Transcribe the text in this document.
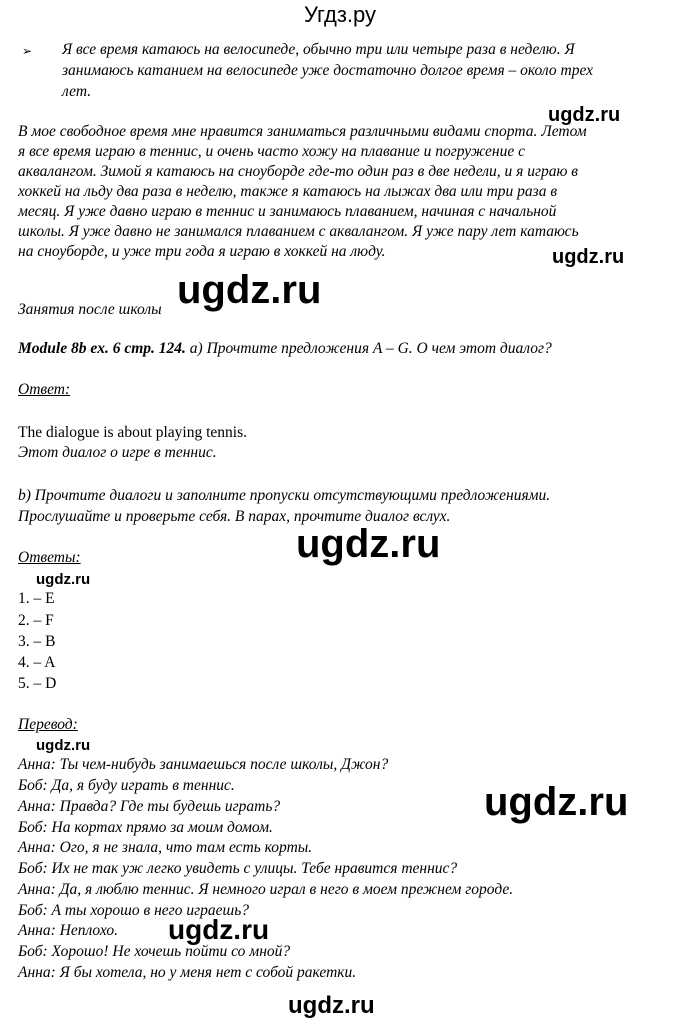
Угдз.ру
➢ Я все время катаюсь на велосипеде, обычно три или четыре раза в неделю. Я
занимаюсь катанием на велосипеде уже достаточно долгое время – около трех
лет.
ugdz.ru
В мое свободное время мне нравится заниматься различными видами спорта. Летом
я все время играю в теннис, и очень часто хожу на плавание и погружение с
аквалангом. Зимой я катаюсь на сноуборде где-то один раз в две недели, и я играю в
хоккей на льду два раза в неделю, также я катаюсь на лыжах два или три раза в
месяц. Я уже давно играю в теннис и занимаюсь плаванием, начиная с начальной
школы. Я уже давно не занимался плаванием с аквалангом. Я уже пару лет катаюсь
на сноуборде, и уже три года я играю в хоккей на люду.	ugdz.ru
ugdz.ru
Занятия после школы
Module 8b ex. 6 стр. 124. а) Прочтите предложения A – G. О чем этот диалог?
Ответ:
The dialogue is about playing tennis.
Этот диалог о игре в теннис.
b) Прочтите диалоги и заполните пропуски отсутствующими предложениями.
Прослушайте и проверьте себя. В парах, прочтите диалог вслух.
ugdz.ru
Ответы:
ugdz.ru
1. – E
2. – F
3. – B
4. – A
5. – D
Перевод:
ugdz.ru
Анна: Ты чем-нибудь занимаешься после школы, Джон?
Боб: Да, я буду играть в теннис.
Анна: Правда? Где ты будешь играть?
Боб: На кортах прямо за моим домом.
Анна: Ого, я не знала, что там есть корты.
Боб: Их не так уж легко увидеть с улицы. Тебе нравится теннис?
Анна: Да, я люблю теннис. Я немного играл в него в моем прежнем городе.
Боб: А ты хорошо в него играешь?
Анна: Неплохо.
Боб: Хорошо! Не хочешь пойти со мной?
Анна: Я бы хотела, но у меня нет с собой ракетки.
ugdz.ru
ugdz.ru
ugdz.ru
